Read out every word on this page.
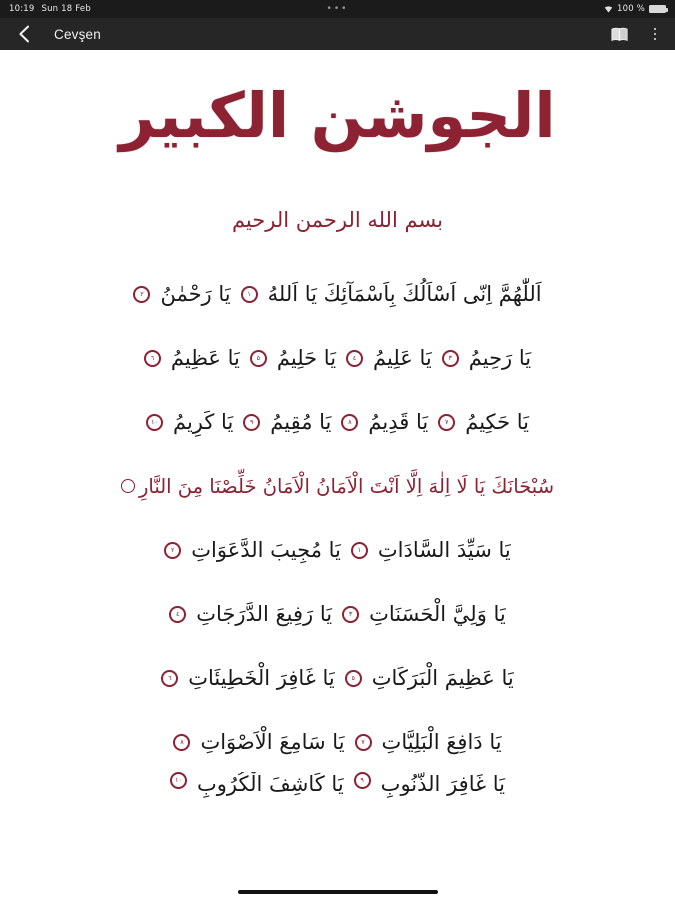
10:19 Sun 18 Feb	•••	100 %
Cevşen
الجوشن الكبير
بسم الله الرحمن الرحيم
اَللّٰهُمَّ اِنّى اَسْاَلُكَ بِاَسْمَآئِكَ يَا اَللهُ
١
يَا رَحْمٰنُ
٢
يَا رَحِيمُ
٣
يَا عَلِيمُ
٤
يَا حَلِيمُ
٥
يَا عَظِيمُ
٦
يَا حَكِيمُ
٧
يَا قَدِيمُ
٨
يَا مُقِيمُ
٩
يَا كَرِيمُ
١٠
سُبْحَانَكَ يَا لَا اِلٰهَ اِلَّا اَنْتَ الْاَمَانُ الْاَمَانُ خَلِّصْنَا مِنَ النَّارِ
يَا سَيِّدَ السَّادَاتِ
١
يَا مُجِيبَ الدَّعَوَاتِ
٢
يَا وَلِيَّ الْحَسَنَاتِ
٣
يَا رَفِيعَ الدَّرَجَاتِ
٤
يَا عَظِيمَ الْبَرَكَاتِ
٥
يَا غَافِرَ الْخَطِيئَاتِ
٦
يَا دَافِعَ الْبَلِيَّاتِ
٧
يَا سَامِعَ الْاَصْوَاتِ
٨
يَا غَافِرَ الذُّنُوبِ
٩
يَا كَاشِفَ الْكُرُوبِ
١٠
